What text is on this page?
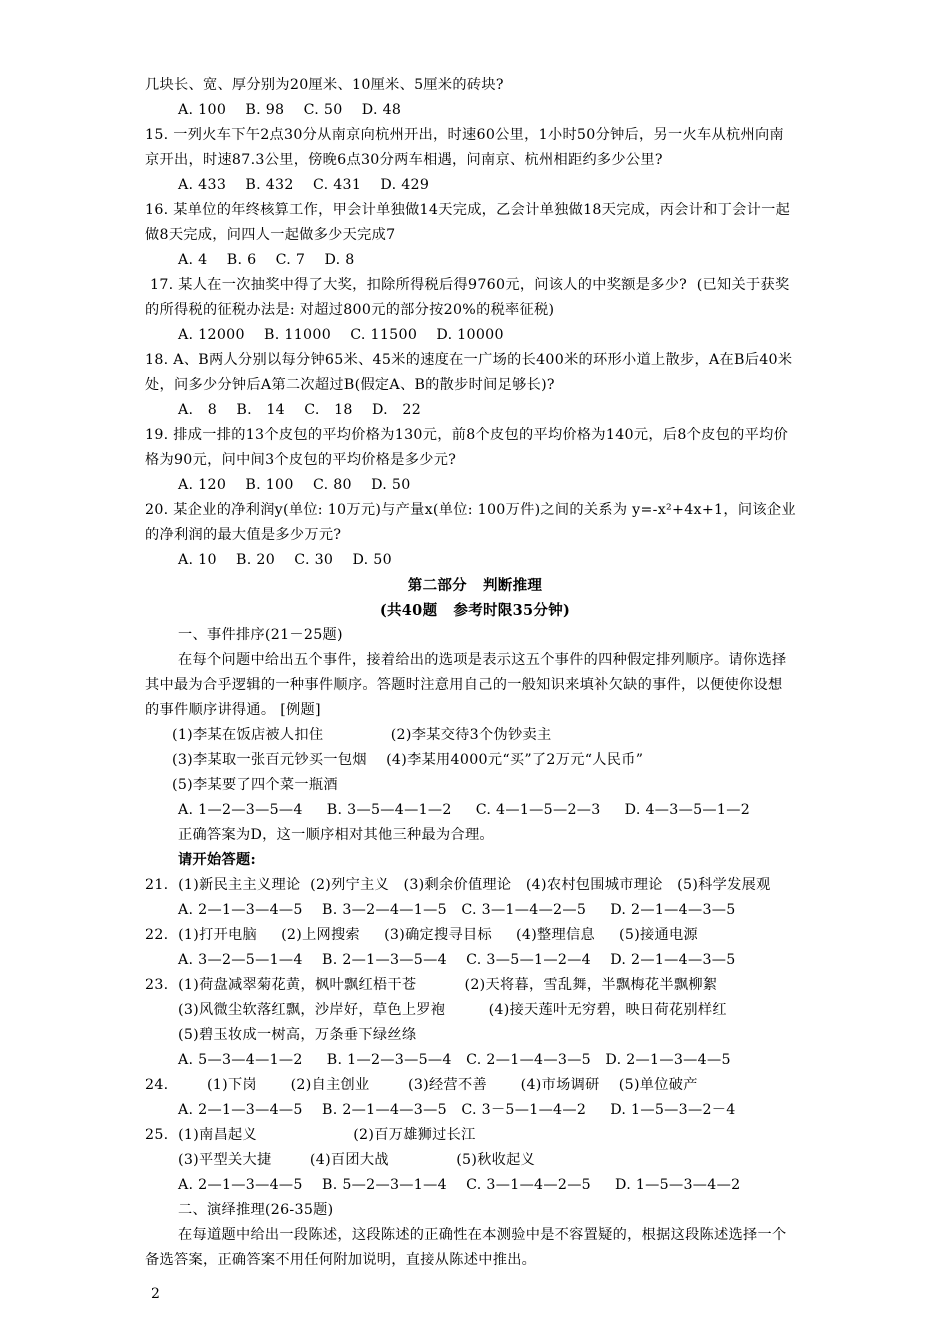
几块长、宽、厚分别为20厘米、10厘米、5厘米的砖块?
A. 100    B. 98    C. 50    D. 48
15. 一列火车下午2点30分从南京向杭州开出，时速60公里，1小时50分钟后，另一火车从杭州向南
京开出，时速87.3公里，傍晚6点30分两车相遇，问南京、杭州相距约多少公里?
A. 433    B. 432    C. 431    D. 429
16. 某单位的年终核算工作，甲会计单独做14天完成，乙会计单独做18天完成，丙会计和丁会计一起
做8天完成，问四人一起做多少天完成7
A. 4    B. 6    C. 7    D. 8
17. 某人在一次抽奖中得了大奖，扣除所得税后得9760元，问该人的中奖额是多少?  (已知关于获奖
的所得税的征税办法是: 对超过800元的部分按20%的税率征税)
A. 12000    B. 11000    C. 11500    D. 10000
18. A、B两人分别以每分钟65米、45米的速度在一广场的长400米的环形小道上散步，A在B后40米
处，问多少分钟后A第二次超过B(假定A、B的散步时间足够长)?
A.   8    B.   14    C.   18    D.   22
19. 排成一排的13个皮包的平均价格为130元，前8个皮包的平均价格为140元，后8个皮包的平均价
格为90元，问中间3个皮包的平均价格是多少元?
A. 120    B. 100    C. 80    D. 50
20. 某企业的净利润y(单位: 10万元)与产量x(单位: 100万件)之间的关系为 y=-x²+4x+1，问该企业
的净利润的最大值是多少万元?
A. 10    B. 20    C. 30    D. 50
第二部分   判断推理
(共40题   参考时限35分钟)
一、事件排序(21－25题)
在每个问题中给出五个事件，接着给出的选项是表示这五个事件的四种假定排列顺序。请你选择
其中最为合乎逻辑的一种事件顺序。答题时注意用自己的一般知识来填补欠缺的事件，以便使你设想
的事件顺序讲得通。 [例题]
(1)李某在饭店被人扣住              (2)李某交待3个伪钞卖主
(3)李某取一张百元钞买一包烟    (4)李某用4000元“买”了2万元“人民币”
(5)李某要了四个菜一瓶酒
A. 1—2—3—5—4     B. 3—5—4—1—2     C. 4—1—5—2—3     D. 4—3—5—1—2
正确答案为D，这一顺序相对其他三种最为合理。
请开始答题:
21.  (1)新民主主义理论  (2)列宁主义   (3)剩余价值理论   (4)农村包围城市理论   (5)科学发展观
A. 2—1—3—4—5    B. 3—2—4—1—5   C. 3—1—4—2—5     D. 2—1—4—3—5
22.  (1)打开电脑     (2)上网搜索     (3)确定搜寻目标     (4)整理信息     (5)接通电源
A. 3—2—5—1—4    B. 2—1—3—5—4    C. 3—5—1—2—4    D. 2—1—4—3—5
23.  (1)荷盘减翠菊花黄，枫叶飘红梧干苍          (2)天将暮，雪乱舞，半飘梅花半飘柳絮
(3)风微尘软落红飘，沙岸好，草色上罗袍         (4)接天莲叶无穷碧，映日荷花别样红
(5)碧玉妆成一树高，万条垂下绿丝绦
A. 5—3—4—1—2     B. 1—2—3—5—4   C. 2—1—4—3—5   D. 2—1—3—4—5
24.        (1)下岗       (2)自主创业        (3)经营不善       (4)市场调研    (5)单位破产
A. 2—1—3—4—5    B. 2—1—4—3—5   C. 3－5—1—4—2     D. 1—5—3—2－4
25.  (1)南昌起义                    (2)百万雄狮过长江
(3)平型关大捷        (4)百团大战              (5)秋收起义
A. 2—1—3—4—5    B. 5—2—3—1—4    C. 3—1—4—2—5     D. 1—5—3—4—2
二、演绎推理(26-35题)
在每道题中给出一段陈述，这段陈述的正确性在本测验中是不容置疑的，根据这段陈述选择一个
备选答案，正确答案不用任何附加说明，直接从陈述中推出。
2
